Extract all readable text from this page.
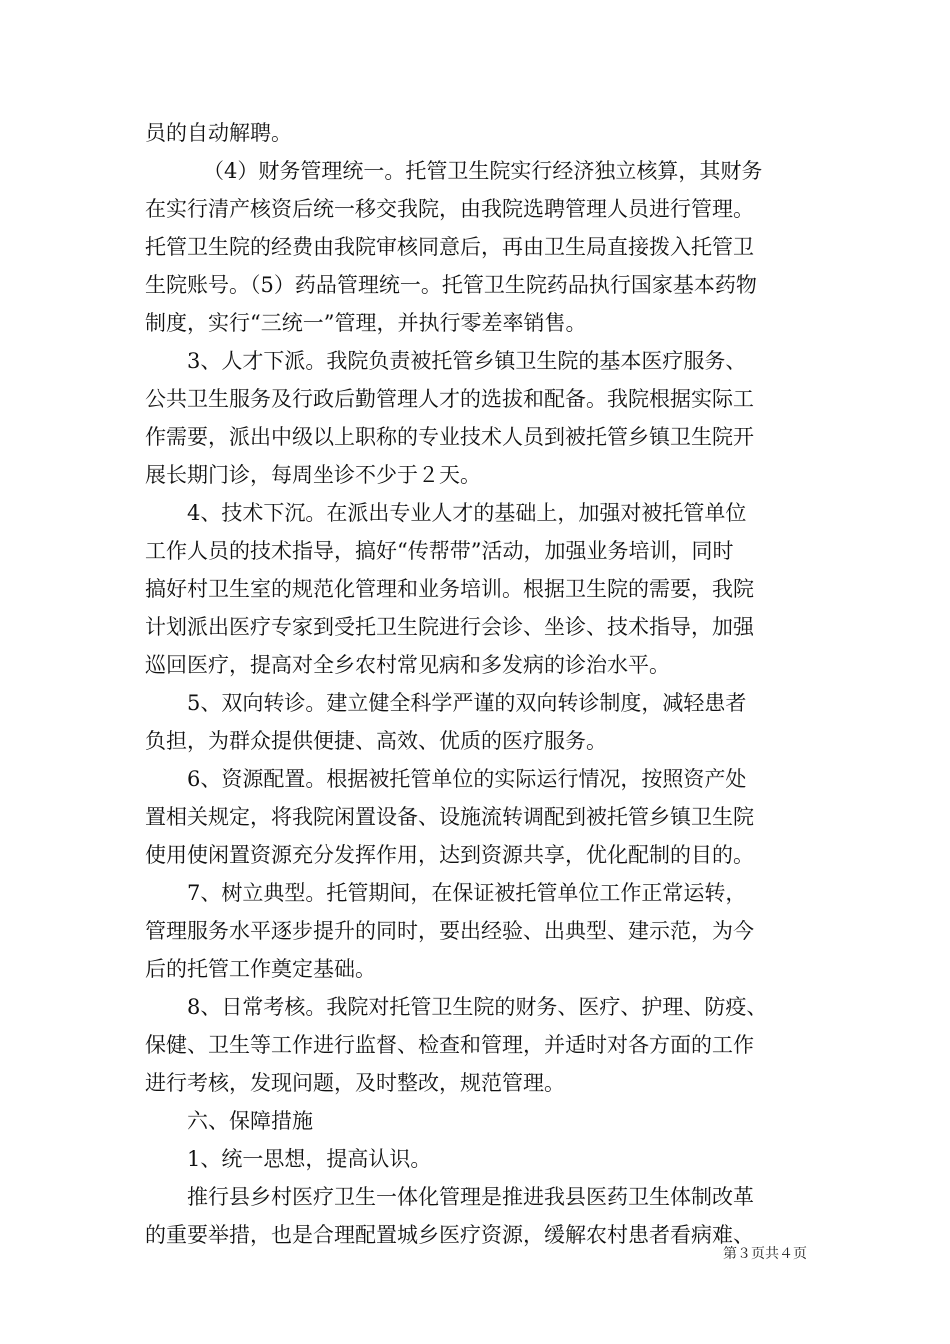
员的自动解聘。
（4）财务管理统一。托管卫生院实行经济独立核算，其财务
在实行清产核资后统一移交我院，由我院选聘管理人员进行管理。
托管卫生院的经费由我院审核同意后，再由卫生局直接拨入托管卫
生院账号。（5）药品管理统一。托管卫生院药品执行国家基本药物
制度，实行“三统一”管理，并执行零差率销售。
3、人才下派。我院负责被托管乡镇卫生院的基本医疗服务、
公共卫生服务及行政后勤管理人才的选拔和配备。我院根据实际工
作需要，派出中级以上职称的专业技术人员到被托管乡镇卫生院开
展长期门诊，每周坐诊不少于２天。
4、技术下沉。在派出专业人才的基础上，加强对被托管单位
工作人员的技术指导，搞好“传帮带”活动，加强业务培训，同时
搞好村卫生室的规范化管理和业务培训。根据卫生院的需要，我院
计划派出医疗专家到受托卫生院进行会诊、坐诊、技术指导，加强
巡回医疗，提高对全乡农村常见病和多发病的诊治水平。
5、双向转诊。建立健全科学严谨的双向转诊制度，减轻患者
负担，为群众提供便捷、高效、优质的医疗服务。
6、资源配置。根据被托管单位的实际运行情况，按照资产处
置相关规定，将我院闲置设备、设施流转调配到被托管乡镇卫生院
使用使闲置资源充分发挥作用，达到资源共享，优化配制的目的。
7、树立典型。托管期间，在保证被托管单位工作正常运转，
管理服务水平逐步提升的同时，要出经验、出典型、建示范，为今
后的托管工作奠定基础。
8、日常考核。我院对托管卫生院的财务、医疗、护理、防疫、
保健、卫生等工作进行监督、检查和管理，并适时对各方面的工作
进行考核，发现问题，及时整改，规范管理。
六、保障措施
1、统一思想，提高认识。
推行县乡村医疗卫生一体化管理是推进我县医药卫生体制改革
的重要举措，也是合理配置城乡医疗资源，缓解农村患者看病难、
第３页共４页
